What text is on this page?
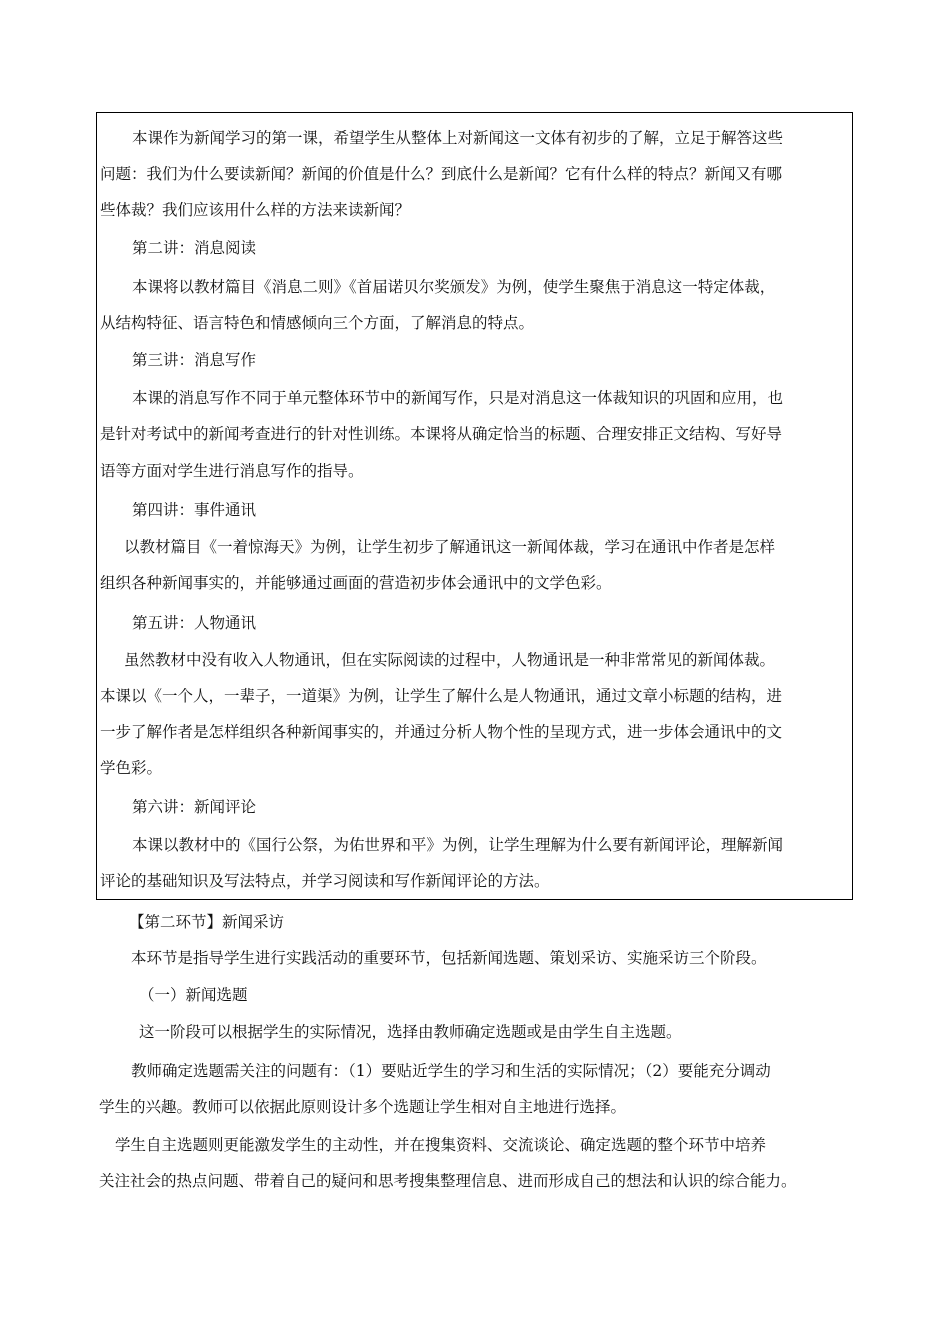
本课作为新闻学习的第一课，希望学生从整体上对新闻这一文体有初步的了解，立足于解答这些
问题：我们为什么要读新闻？新闻的价值是什么？到底什么是新闻？它有什么样的特点？新闻又有哪
些体裁？我们应该用什么样的方法来读新闻？
第二讲：消息阅读
本课将以教材篇目《消息二则》《首届诺贝尔奖颁发》为例，使学生聚焦于消息这一特定体裁，
从结构特征、语言特色和情感倾向三个方面，了解消息的特点。
第三讲：消息写作
本课的消息写作不同于单元整体环节中的新闻写作，只是对消息这一体裁知识的巩固和应用，也
是针对考试中的新闻考查进行的针对性训练。本课将从确定恰当的标题、合理安排正文结构、写好导
语等方面对学生进行消息写作的指导。
第四讲：事件通讯
以教材篇目《一着惊海天》为例，让学生初步了解通讯这一新闻体裁，学习在通讯中作者是怎样
组织各种新闻事实的，并能够通过画面的营造初步体会通讯中的文学色彩。
第五讲：人物通讯
虽然教材中没有收入人物通讯，但在实际阅读的过程中，人物通讯是一种非常常见的新闻体裁。
本课以《一个人，一辈子，一道渠》为例，让学生了解什么是人物通讯，通过文章小标题的结构，进
一步了解作者是怎样组织各种新闻事实的，并通过分析人物个性的呈现方式，进一步体会通讯中的文
学色彩。
第六讲：新闻评论
本课以教材中的《国行公祭，为佑世界和平》为例，让学生理解为什么要有新闻评论，理解新闻
评论的基础知识及写法特点，并学习阅读和写作新闻评论的方法。
【第二环节】新闻采访
本环节是指导学生进行实践活动的重要环节，包括新闻选题、策划采访、实施采访三个阶段。
（一）新闻选题
这一阶段可以根据学生的实际情况，选择由教师确定选题或是由学生自主选题。
教师确定选题需关注的问题有：（1）要贴近学生的学习和生活的实际情况；（2）要能充分调动
学生的兴趣。教师可以依据此原则设计多个选题让学生相对自主地进行选择。
学生自主选题则更能激发学生的主动性，并在搜集资料、交流谈论、确定选题的整个环节中培养
关注社会的热点问题、带着自己的疑问和思考搜集整理信息、进而形成自己的想法和认识的综合能力。
